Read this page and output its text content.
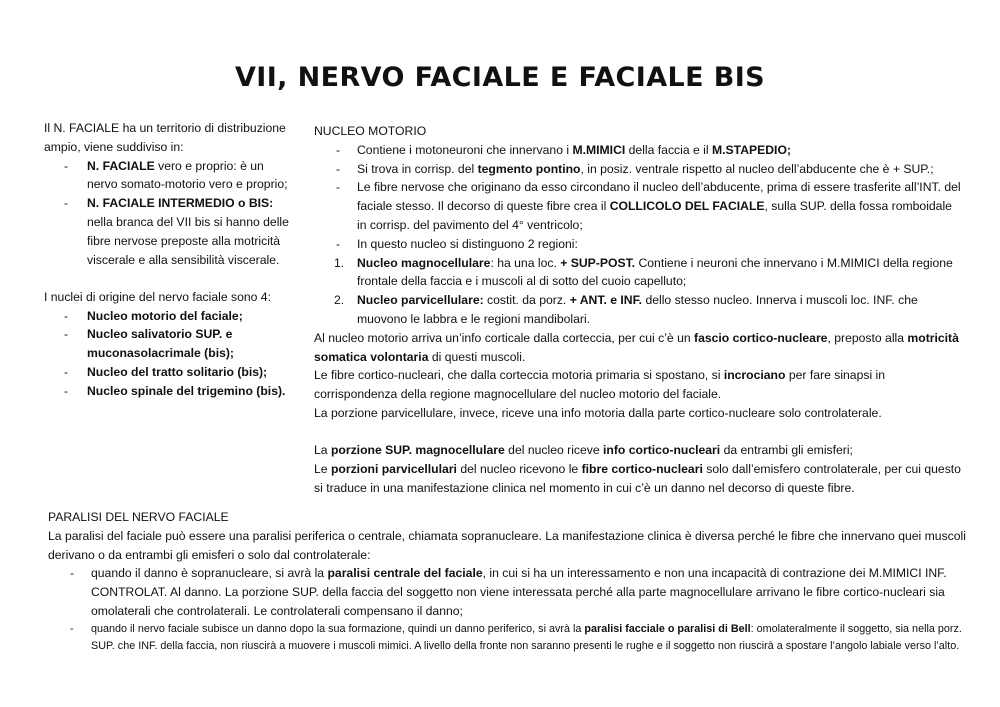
VII, NERVO FACIALE E FACIALE BIS

Il N. FACIALE ha un territorio di distribuzione ampio, viene suddiviso in:

- N. FACIALE vero e proprio: è un nervo somato-motorio vero e proprio;
- N. FACIALE INTERMEDIO o BIS: nella branca del VII bis si hanno delle fibre nervose preposte alla motricità viscerale e alla sensibilità viscerale.

I nuclei di origine del nervo faciale sono 4:

- Nucleo motorio del faciale;
- Nucleo salivatorio SUP. e muconasolacrimale (bis);
- Nucleo del tratto solitario (bis);
- Nucleo spinale del trigemino (bis).

NUCLEO MOTORIO

- Contiene i motoneuroni che innervano i M.MIMICI della faccia e il M.STAPEDIO;
- Si trova in corrisp. del tegmento pontino, in posiz. ventrale rispetto al nucleo dell’abducente che è + SUP.;
- Le fibre nervose che originano da esso circondano il nucleo dell’abducente, prima di essere trasferite all’INT. del faciale stesso. Il decorso di queste fibre crea il COLLICOLO DEL FACIALE, sulla SUP. della fossa romboidale in corrisp. del pavimento del 4° ventricolo;
- In questo nucleo si distinguono 2 regioni:
1. Nucleo magnocellulare: ha una loc. + SUP-POST. Contiene i neuroni che innervano i M.MIMICI della regione frontale della faccia e i muscoli al di sotto del cuoio capelluto;
2. Nucleo parvicellulare: costit. da porz. + ANT. e INF. dello stesso nucleo. Innerva i muscoli loc. INF. che muovono le labbra e le regioni mandibolari.

Al nucleo motorio arriva un’info corticale dalla corteccia, per cui c’è un fascio cortico-nucleare, preposto alla motricità somatica volontaria di questi muscoli.

Le fibre cortico-nucleari, che dalla corteccia motoria primaria si spostano, si incrociano per fare sinapsi in corrispondenza della regione magnocellulare del nucleo motorio del faciale.

La porzione parvicellulare, invece, riceve una info motoria dalla parte cortico-nucleare solo controlaterale.

La porzione SUP. magnocellulare del nucleo riceve info cortico-nucleari da entrambi gli emisferi;

Le porzioni parvicellulari del nucleo ricevono le fibre cortico-nucleari solo dall’emisfero controlaterale, per cui questo si traduce in una manifestazione clinica nel momento in cui c’è un danno nel decorso di queste fibre.

PARALISI DEL NERVO FACIALE

La paralisi del faciale può essere una paralisi periferica o centrale, chiamata sopranucleare. La manifestazione clinica è diversa perché le fibre che innervano quei muscoli derivano o da entrambi gli emisferi o solo dal controlaterale:

- quando il danno è sopranucleare, si avrà la paralisi centrale del faciale, in cui si ha un interessamento e non una incapacità di contrazione dei M.MIMICI INF. CONTROLAT. Al danno. La porzione SUP. della faccia del soggetto non viene interessata perché alla parte magnocellulare arrivano le fibre cortico-nucleari sia omolaterali che controlaterali. Le controlaterali compensano il danno;
- quando il nervo faciale subisce un danno dopo la sua formazione, quindi un danno periferico, si avrà la paralisi facciale o paralisi di Bell: omolateralmente il soggetto, sia nella porz. SUP. che INF. della faccia, non riuscirà a muovere i muscoli mimici. A livello della fronte non saranno presenti le rughe e il soggetto non riuscirà a spostare l’angolo labiale verso l’alto.
